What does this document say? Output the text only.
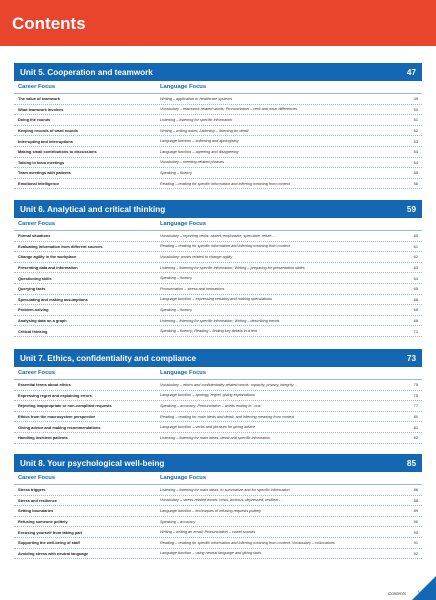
Contents
Unit 5. Cooperation and teamwork	47
Career Focus	Language Focus
The value of teamwork	Writing – application to healthcare systems	49
What teamwork involves	Vocabulary – teamwork-related words; Pronunciation – verb and noun differences	50
Doing the rounds	Listening – listening for specific information	51
Keeping records of ward rounds	Writing – writing notes; Listening – listening for detail	52
Interrupting and interruptions	Language function – softening and apologising	53
Making small contributions to discussions	Language function – agreeing and disagreeing	54
Talking in team meetings	Vocabulary – meeting-related phrases	54
Team meetings with patients	Speaking – fluency	55
Emotional intelligence	Reading – reading for specific information and inferring meaning from context	56
Unit 6. Analytical and critical thinking	59
Career Focus	Language Focus
Formal situations	Vocabulary – reporting verbs: assert, emphasise, speculate, refute …	60
Evaluating information from different sources	Reading – reading for specific information and inferring meaning from context	61
Change agility in the workplace	Vocabulary: words related to change agility	62
Presenting data and information	Listening – listening for specific information; Writing – preparing for presentation slides	63
Questioning skills	Speaking – fluency	64
Querying facts	Pronunciation – stress and intonations	65
Speculating and making assumptions	Language function – expressing certainty and making speculations	66
Problem-solving	Speaking – fluency	68
Analysing data on a graph	Listening – listening for specific information; Writing – describing trends	68
Critical thinking	Speaking – fluency; Reading – finding key details in a text	71
Unit 7. Ethics, confidentiality and compliance	73
Career Focus	Language Focus
Essential terms about ethics	Vocabulary – ethics and confidentiality-related words: capacity, privacy, integrity …	75
Expressing regret and explaining errors	Language function – apology, regret, giving explanations	75
Rejecting inappropriate or non-compliant requests	Speaking – accuracy; Pronunciation – words ending in '-ous'	77
Ethics from the macrosystem perspective	Reading – reading for main ideas and detail, and inferring meaning from context	80
Giving advice and making recommendations	Language function – verbs and phrases for giving advice	81
Handling insistent patients	Listening – listening for main ideas, detail and specific information	82
Unit 8. Your psychological well-being	85
Career Focus	Language Focus
Stress triggers	Listening – listening for main ideas, to summarize and for specific information	86
Stress and resilience	Vocabulary – stress-related words: crisis, anxious, depressed, resilient …	88
Setting boundaries	Language function – techniques of refusing requests politely	89
Refusing someone politely	Speaking – accuracy	90
Excusing yourself from taking part	Writing – writing an email; Pronunciation – vowel sounds	90
Supporting the well-being of staff	Reading – reading for specific information and inferring meaning from context; Vocabulary – collocations	91
Avoiding stress with neutral language	Language function – using neutral language and giving facts	92
Contents V
